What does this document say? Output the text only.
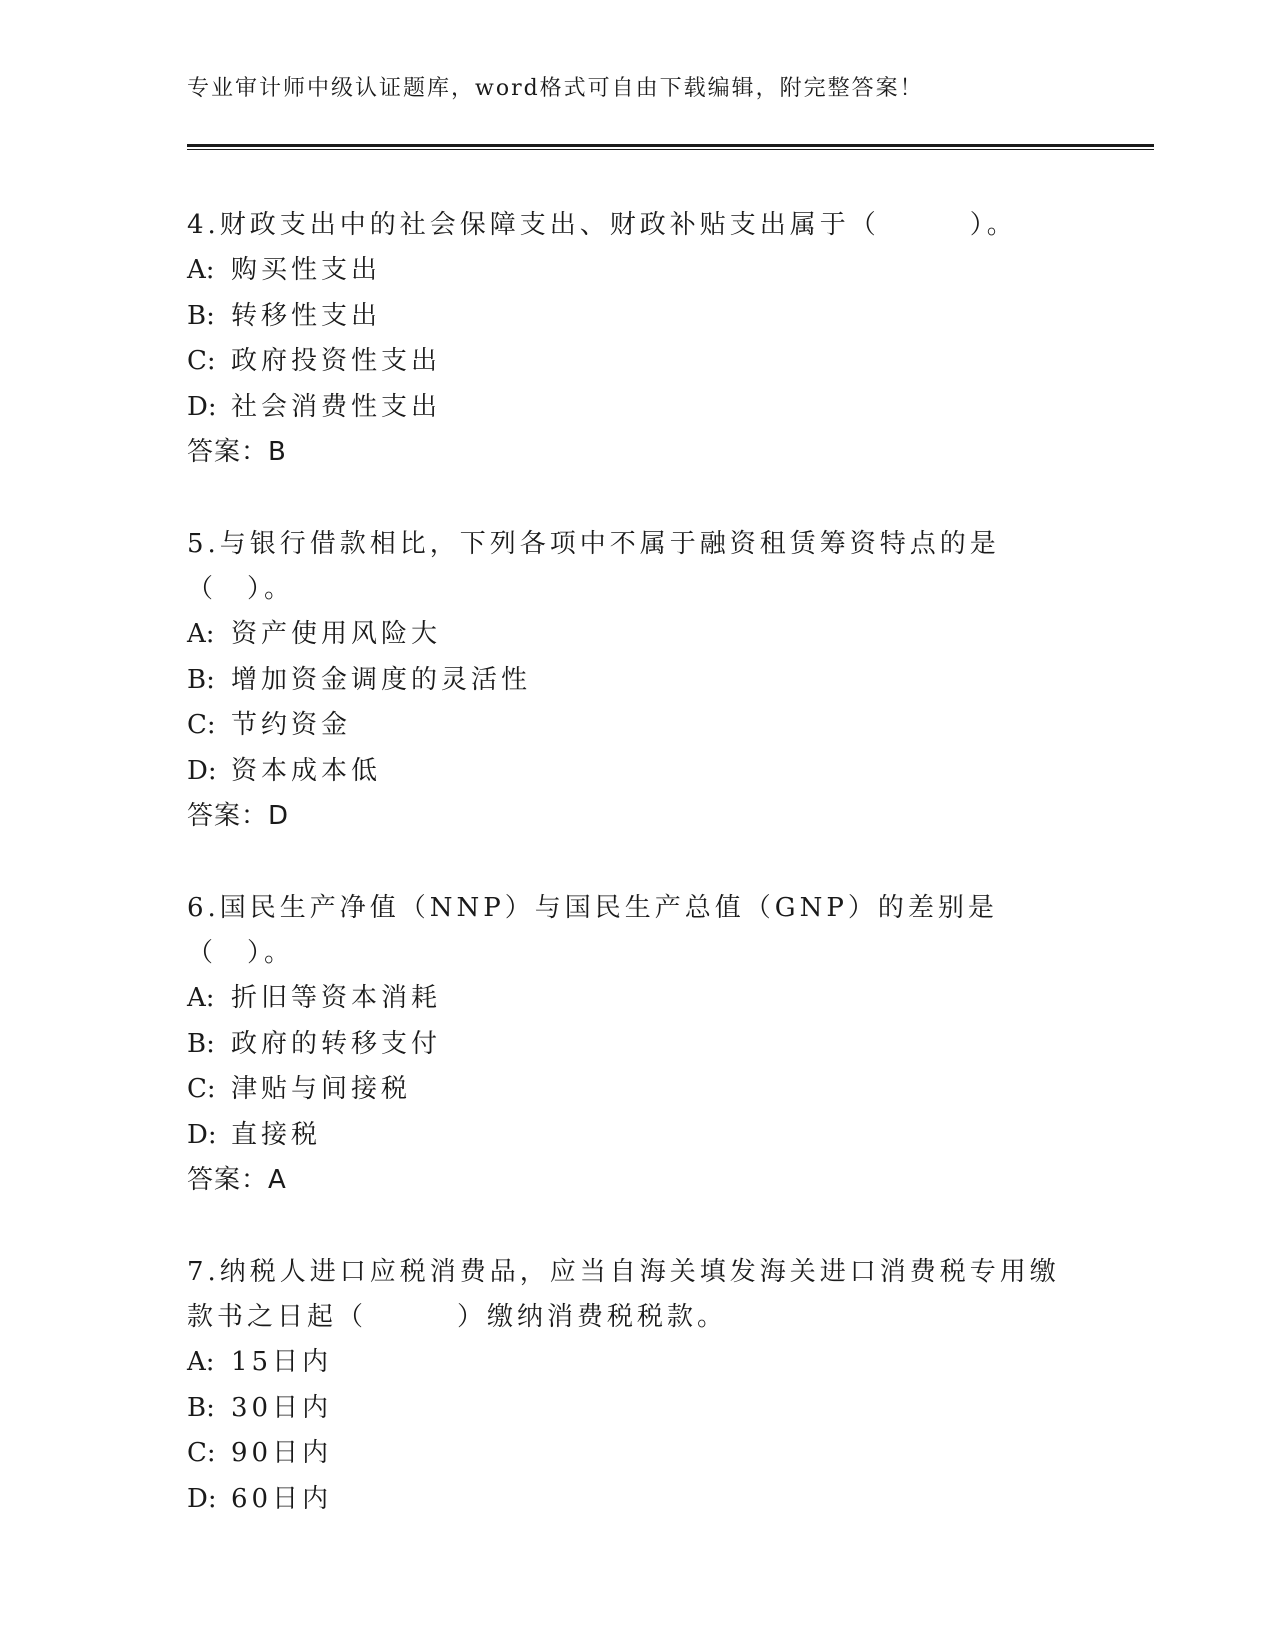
专业审计师中级认证题库，word格式可自由下载编辑，附完整答案！

4.财政支出中的社会保障支出、财政补贴支出属于（　　　）。

A: 购买性支出

B: 转移性支出

C: 政府投资性支出

D: 社会消费性支出

答案：B

5.与银行借款相比，下列各项中不属于融资租赁筹资特点的是（　）。

A: 资产使用风险大

B: 增加资金调度的灵活性

C: 节约资金

D: 资本成本低

答案：D

6.国民生产净值（NNP）与国民生产总值（GNP）的差别是（　）。

A: 折旧等资本消耗

B: 政府的转移支付

C: 津贴与间接税

D: 直接税

答案：A

7.纳税人进口应税消费品，应当自海关填发海关进口消费税专用缴款书之日起（　　　）缴纳消费税税款。

A: 15日内

B: 30日内

C: 90日内

D: 60日内
